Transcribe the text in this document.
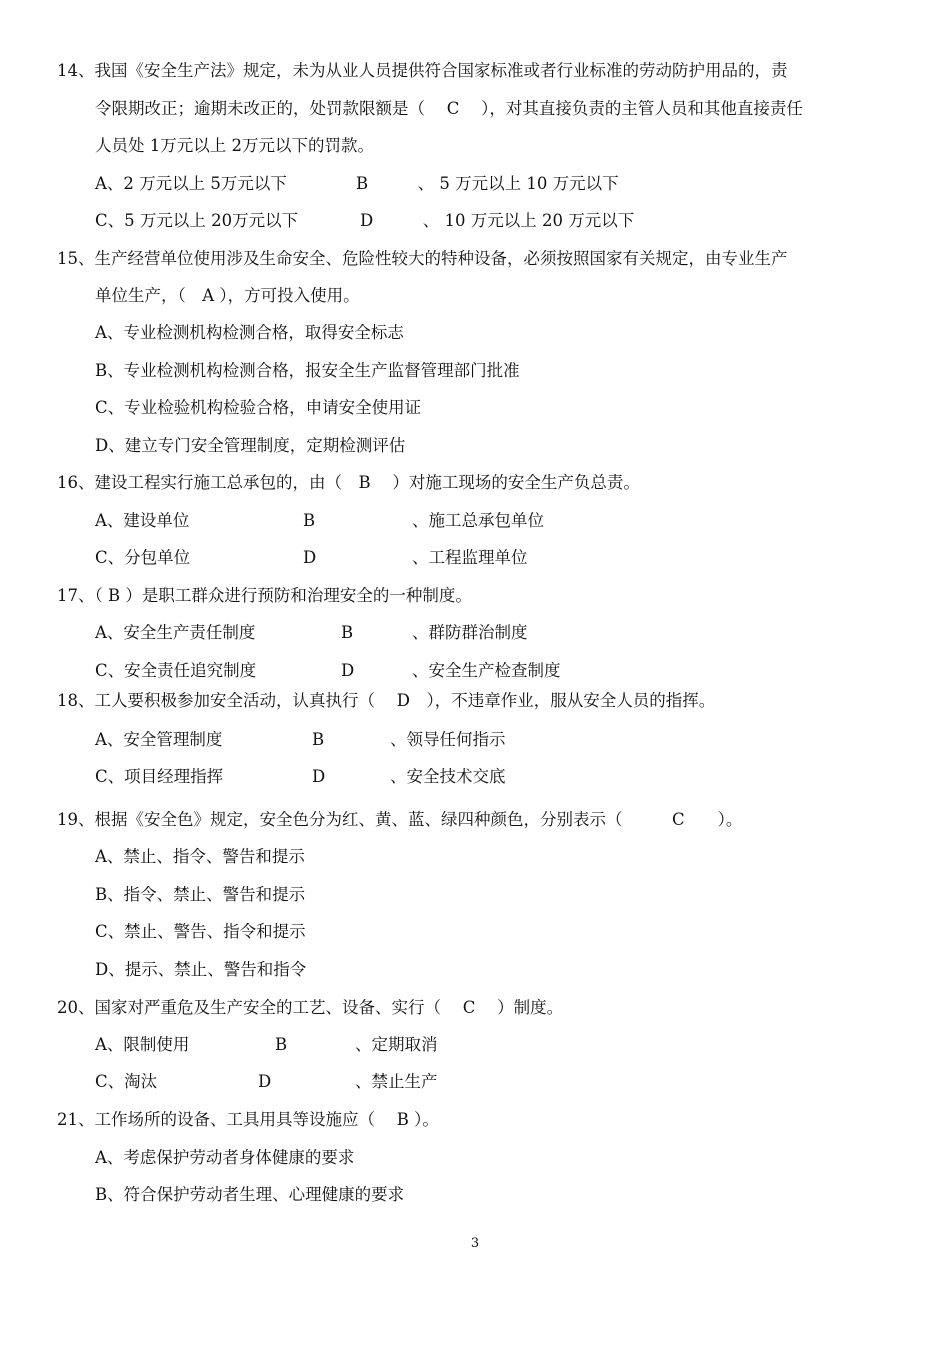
14、我国《安全生产法》规定，未为从业人员提供符合国家标准或者行业标准的劳动防护用品的，责
令限期改正；逾期未改正的，处罚款限额是（　 C　 ），对其直接负责的主管人员和其他直接责任
人员处 1万元以上 2万元以下的罚款。
A、2 万元以上 5万元以下	B　　　、 5 万元以上 10 万元以下
C、5 万元以上 20万元以下	D　　　、 10 万元以上 20 万元以下
15、生产经营单位使用涉及生命安全、危险性较大的特种设备，必须按照国家有关规定，由专业生产
单位生产，（　A ），方可投入使用。
A、专业检测机构检测合格，取得安全标志
B、专业检测机构检测合格，报安全生产监督管理部门批准
C、专业检验机构检验合格，申请安全使用证
D、建立专门安全管理制度，定期检测评估
16、建设工程实行施工总承包的，由（　B　 ）对施工现场的安全生产负总责。
A、建设单位	B	、施工总承包单位
C、分包单位	D	、工程监理单位
17、（ B ）是职工群众进行预防和治理安全的一种制度。
A、安全生产责任制度	B	、群防群治制度
C、安全责任追究制度	D	、安全生产检查制度
18、工人要积极参加安全活动，认真执行（　 D　），不违章作业，服从安全人员的指挥。
A、安全管理制度	B	、领导任何指示
C、项目经理指挥	D	、安全技术交底
19、根据《安全色》规定，安全色分为红、黄、蓝、绿四种颜色，分别表示（　　　C　　）。
A、禁止、指令、警告和提示
B、指令、禁止、警告和提示
C、禁止、警告、指令和提示
D、提示、禁止、警告和指令
20、国家对严重危及生产安全的工艺、设备、实行（　 C　 ）制度。
A、限制使用	B	、定期取消
C、淘汰	D	、禁止生产
21、工作场所的设备、工具用具等设施应（　 B ）。
A、考虑保护劳动者身体健康的要求
B、符合保护劳动者生理、心理健康的要求
3
